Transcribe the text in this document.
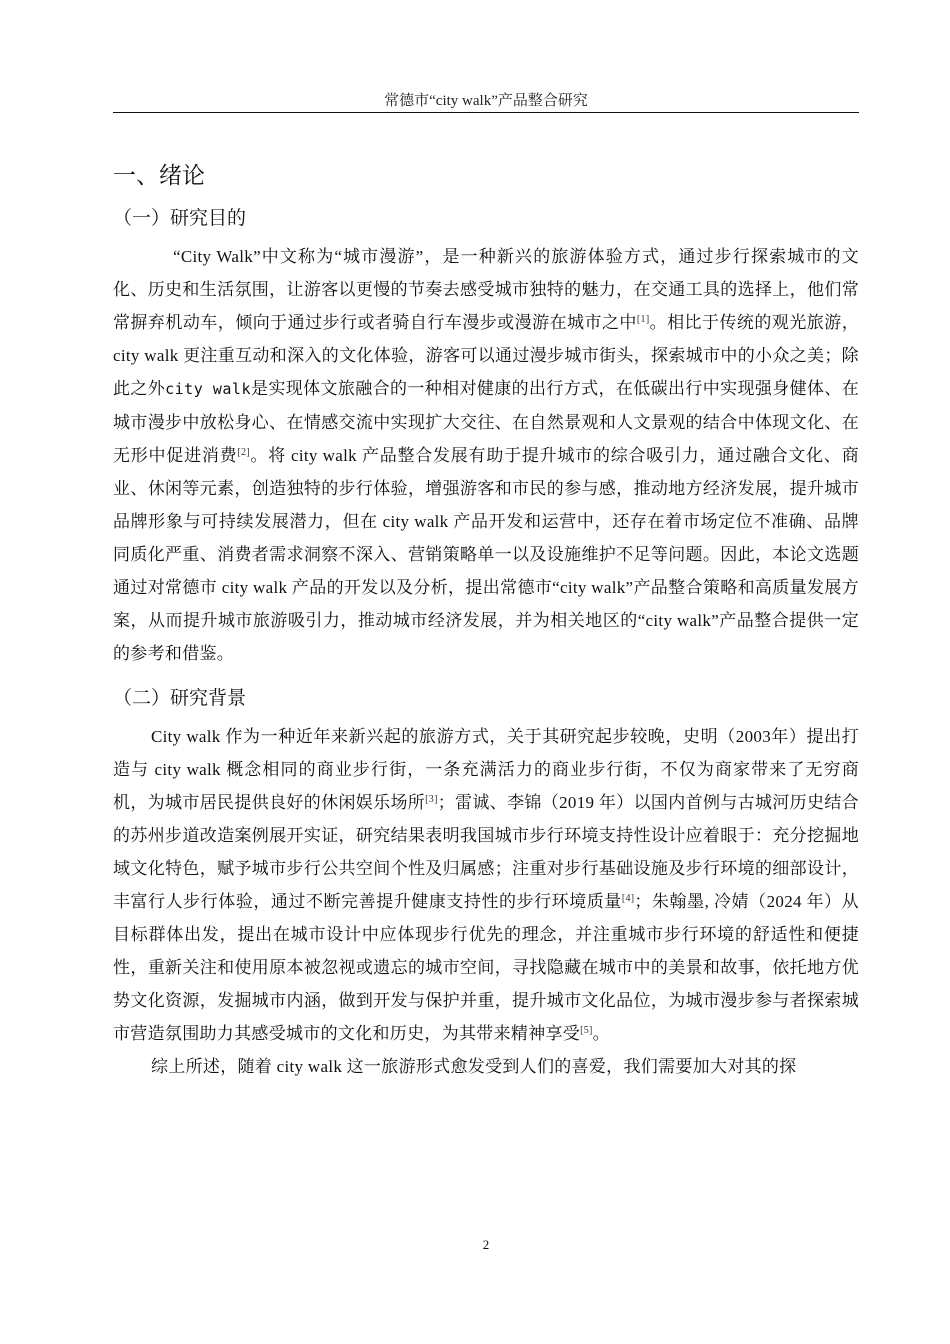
常德市“city walk”产品整合研究
一、绪论
（一）研究目的

“City Walk”中文称为“城市漫游”，是一种新兴的旅游体验方式，通过步行探索城市的文化、历史和生活氛围，让游客以更慢的节奏去感受城市独特的魅力，在交通工具的选择上，他们常常摒弃机动车，倾向于通过步行或者骑自行车漫步或漫游在城市之中[1]。相比于传统的观光旅游，city walk 更注重互动和深入的文化体验，游客可以通过漫步城市街头，探索城市中的小众之美；除此之外city walk是实现体文旅融合的一种相对健康的出行方式，在低碳出行中实现强身健体、在城市漫步中放松身心、在情感交流中实现扩大交往、在自然景观和人文景观的结合中体现文化、在无形中促进消费[2]。将 city walk 产品整合发展有助于提升城市的综合吸引力，通过融合文化、商业、休闲等元素，创造独特的步行体验，增强游客和市民的参与感，推动地方经济发展，提升城市品牌形象与可持续发展潜力，但在 city walk 产品开发和运营中，还存在着市场定位不准确、品牌同质化严重、消费者需求洞察不深入、营销策略单一以及设施维护不足等问题。因此，本论文选题通过对常德市 city walk 产品的开发以及分析，提出常德市“city walk”产品整合策略和高质量发展方案，从而提升城市旅游吸引力，推动城市经济发展，并为相关地区的“city walk”产品整合提供一定的参考和借鉴。

（二）研究背景

City walk 作为一种近年来新兴起的旅游方式，关于其研究起步较晚，史明（2003年）提出打造与 city walk 概念相同的商业步行街，一条充满活力的商业步行街，不仅为商家带来了无穷商机，为城市居民提供良好的休闲娱乐场所[3]；雷诚、李锦（2019 年）以国内首例与古城河历史结合的苏州步道改造案例展开实证，研究结果表明我国城市步行环境支持性设计应着眼于：充分挖掘地域文化特色，赋予城市步行公共空间个性及归属感；注重对步行基础设施及步行环境的细部设计，丰富行人步行体验，通过不断完善提升健康支持性的步行环境质量[4]；朱翰墨, 冷婧（2024 年）从目标群体出发，提出在城市设计中应体现步行优先的理念，并注重城市步行环境的舒适性和便捷性，重新关注和使用原本被忽视或遗忘的城市空间，寻找隐藏在城市中的美景和故事，依托地方优势文化资源，发掘城市内涵，做到开发与保护并重，提升城市文化品位，为城市漫步参与者探索城市营造氛围助力其感受城市的文化和历史，为其带来精神享受[5]。

综上所述，随着 city walk 这一旅游形式愈发受到人们的喜爱，我们需要加大对其的探

2
